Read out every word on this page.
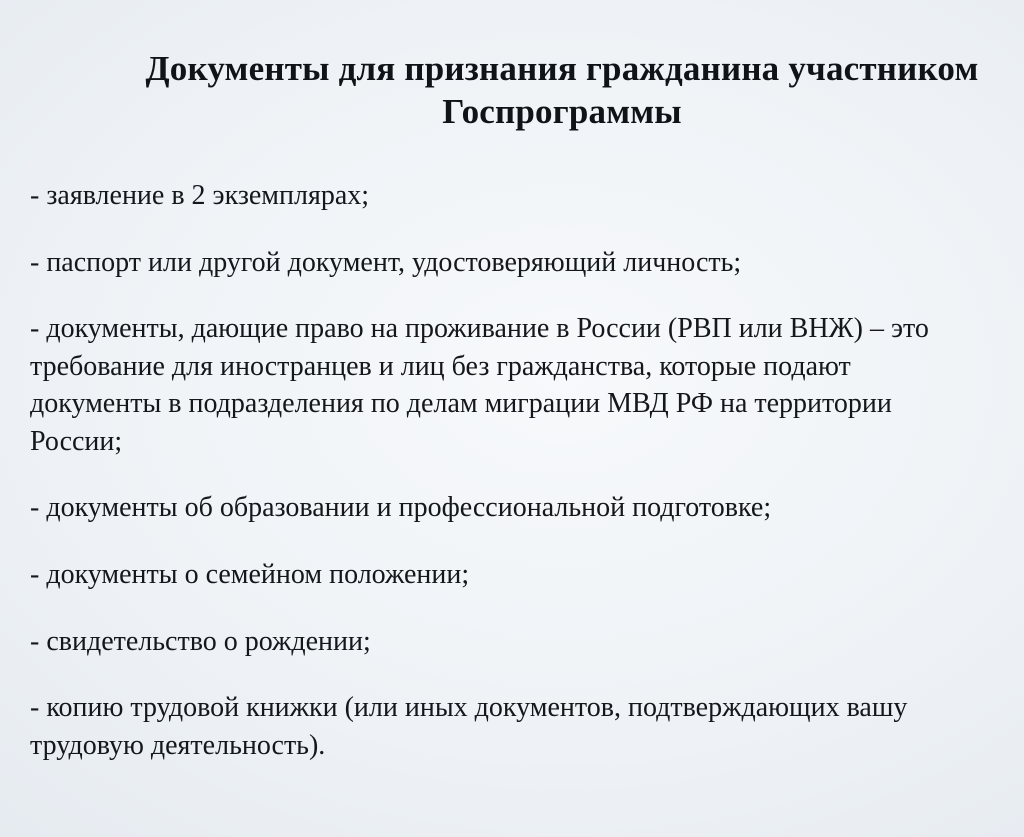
Документы для признания гражданина участником Госпрограммы

- заявление в 2 экземплярах;

- паспорт или другой документ, удостоверяющий личность;

- документы, дающие право на проживание в России (РВП или ВНЖ) – это требование для иностранцев и лиц без гражданства, которые подают документы в подразделения по делам миграции МВД РФ на территории России;

- документы об образовании и профессиональной подготовке;

- документы о семейном положении;

- свидетельство о рождении;

- копию трудовой книжки (или иных документов, подтверждающих вашу трудовую деятельность).
